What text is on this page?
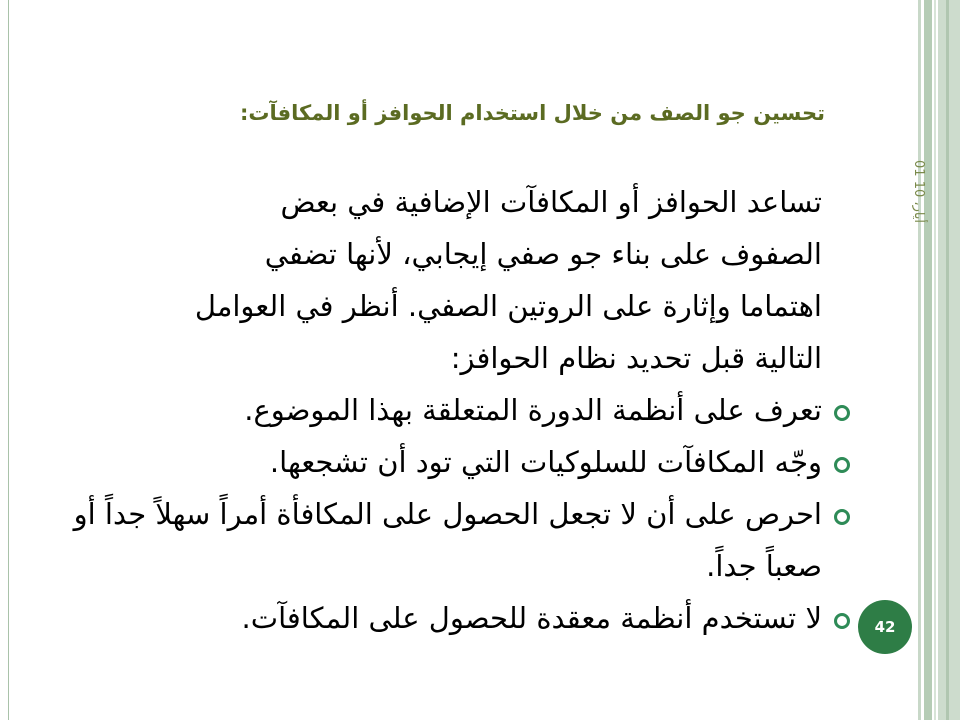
تحسين جو الصف من خلال استخدام الحوافز أو المكافآت:
01 أيار، 10

تساعد الحوافز أو المكافآت الإضافية في بعض
الصفوف على بناء جو صفي إيجابي، لأنها تضفي
اهتماما وإثارة على الروتين الصفي. أنظر في العوامل
التالية قبل تحديد نظام الحوافز:

تعرف على أنظمة الدورة المتعلقة بهذا الموضوع.
وجّه المكافآت للسلوكيات التي تود أن تشجعها.
احرص على أن لا تجعل الحصول على المكافأة أمراً سهلاً جداً أو صعباً جداً.
لا تستخدم أنظمة معقدة للحصول على المكافآت.	42
